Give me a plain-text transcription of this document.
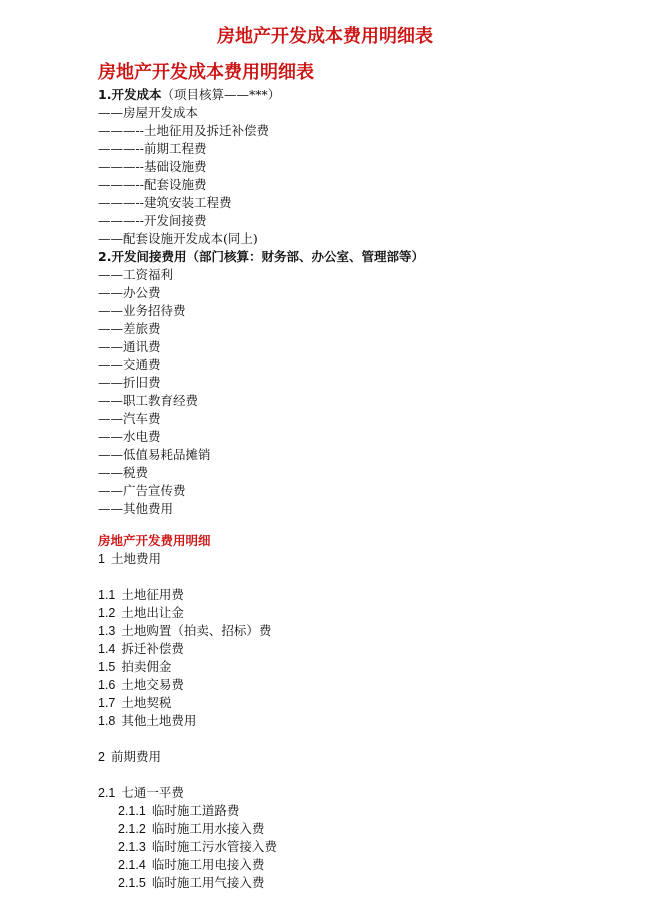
房地产开发成本费用明细表
房地产开发成本费用明细表
1.开发成本（项目核算——***）
——房屋开发成本
———--土地征用及拆迁补偿费
———--前期工程费
———--基础设施费
———--配套设施费
———--建筑安装工程费
———--开发间接费
——配套设施开发成本(同上)
2.开发间接费用（部门核算：财务部、办公室、管理部等）
——工资福利
——办公费
——业务招待费
——差旅费
——通讯费
——交通费
——折旧费
——职工教育经费
——汽车费
——水电费
——低值易耗品摊销
——税费
——广告宣传费
——其他费用
房地产开发费用明细
1 土地费用
1.1 土地征用费
1.2 土地出让金
1.3 土地购置（拍卖、招标）费
1.4 拆迁补偿费
1.5 拍卖佣金
1.6 土地交易费
1.7 土地契税
1.8 其他土地费用
2 前期费用
2.1 七通一平费
2.1.1 临时施工道路费
2.1.2 临时施工用水接入费
2.1.3 临时施工污水管接入费
2.1.4 临时施工用电接入费
2.1.5 临时施工用气接入费
